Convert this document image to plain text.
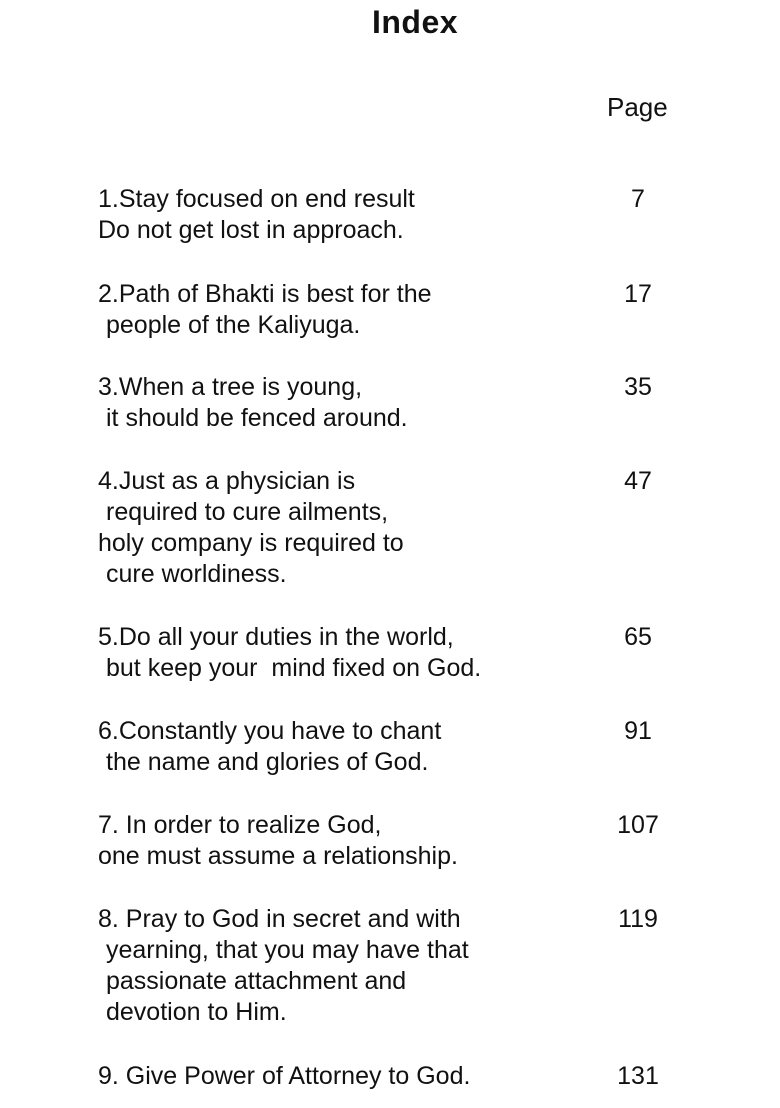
Index
Page
1.Stay focused on end result
Do not get lost in approach.
7
2.Path of Bhakti is best for the
people of the Kaliyuga.
17
3.When a tree is young,
it should be fenced around.
35
4.Just as a physician is
required to cure ailments,
holy company is required to
cure worldiness.
47
5.Do all your duties in the world,
but keep your  mind fixed on God.
65
6.Constantly you have to chant
the name and glories of God.
91
7. In order to realize God,
one must assume a relationship.
107
8. Pray to God in secret and with
yearning, that you may have that
passionate attachment and
devotion to Him.
119
9. Give Power of Attorney to God.	131
